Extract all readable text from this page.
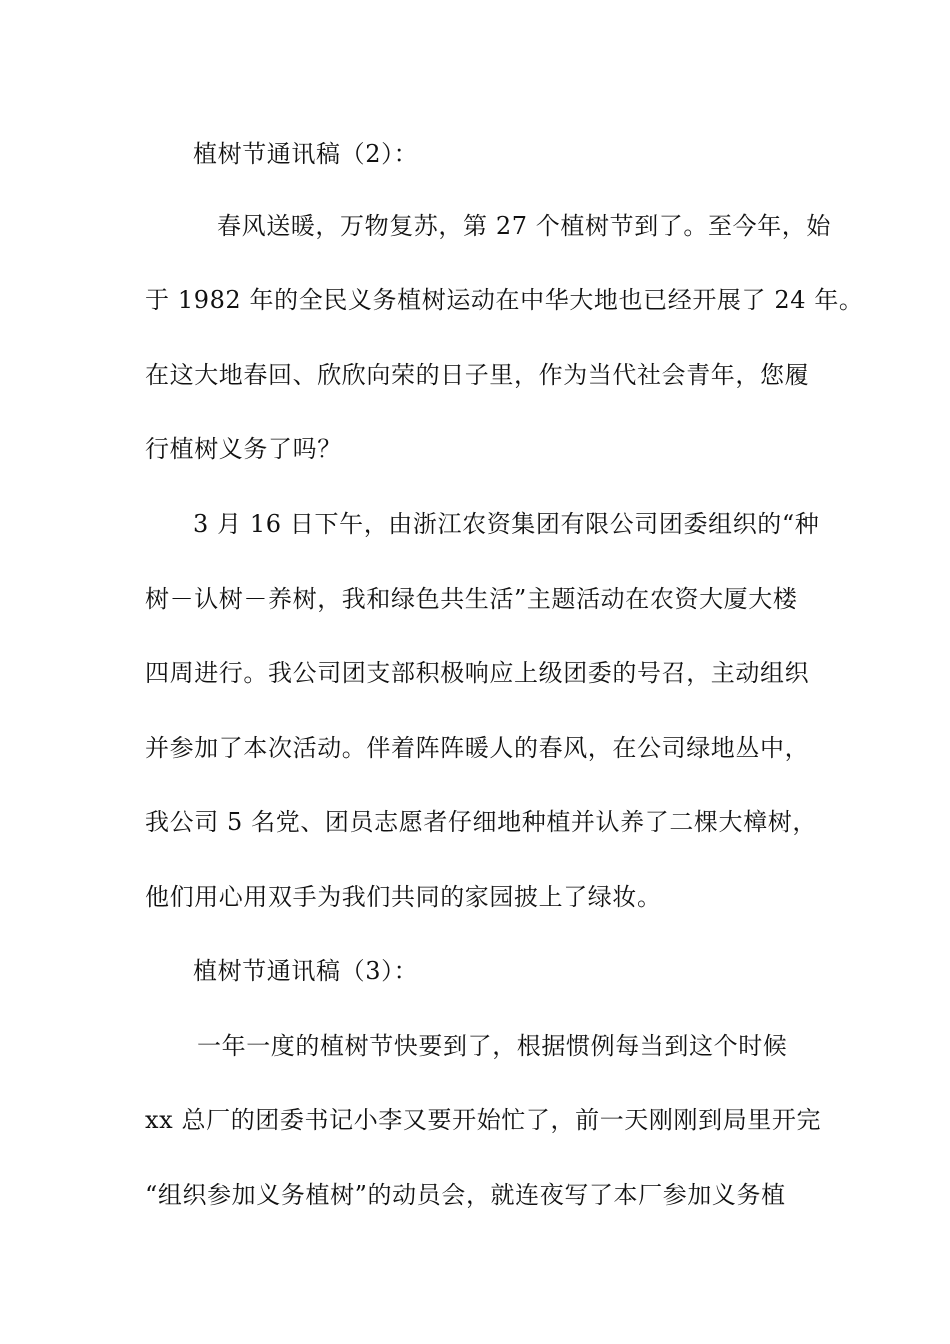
植树节通讯稿（2）：
春风送暖，万物复苏，第 27 个植树节到了。至今年，始
于 1982 年的全民义务植树运动在中华大地也已经开展了 24 年。
在这大地春回、欣欣向荣的日子里，作为当代社会青年，您履
行植树义务了吗？
3 月 16 日下午，由浙江农资集团有限公司团委组织的“种
树－认树－养树，我和绿色共生活”主题活动在农资大厦大楼
四周进行。我公司团支部积极响应上级团委的号召，主动组织
并参加了本次活动。伴着阵阵暖人的春风，在公司绿地丛中，
我公司 5 名党、团员志愿者仔细地种植并认养了二棵大樟树，
他们用心用双手为我们共同的家园披上了绿妆。
植树节通讯稿（3）：
一年一度的植树节快要到了，根据惯例每当到这个时候
xx 总厂的团委书记小李又要开始忙了，前一天刚刚到局里开完
“组织参加义务植树”的动员会，就连夜写了本厂参加义务植
